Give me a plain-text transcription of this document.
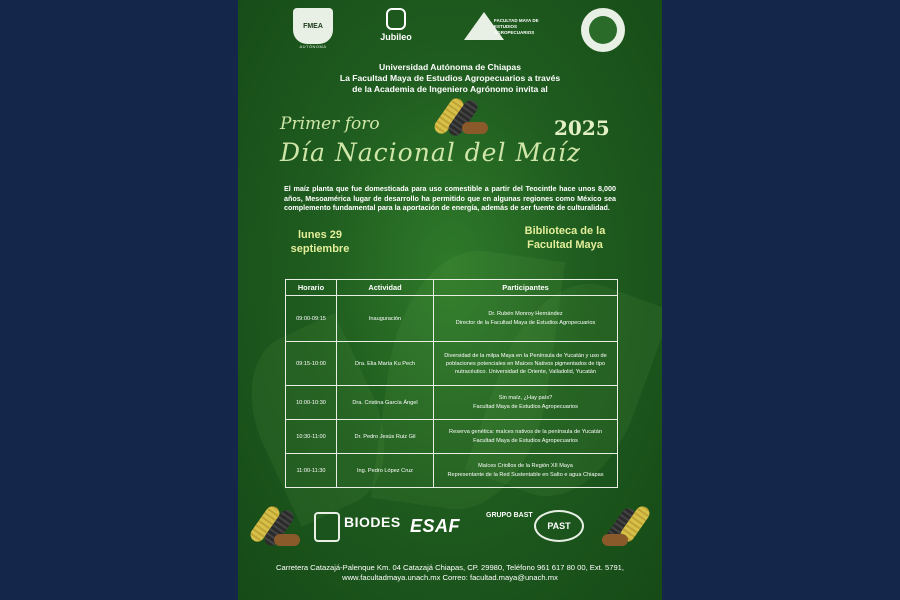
FMEA
AUTÓNOMA
Jubileo
FACULTAD MAYA DE ESTUDIOS AGROPECUARIOS
Universidad Autónoma de Chiapas
La Facultad Maya de Estudios Agropecuarios a través
de la Academia de Ingeniero Agrónomo invita al
Primer foro
Día Nacional del Maíz
2025
El maíz planta que fue domesticada para uso comestible a partir del Teocintle hace unos 8,000 años, Mesoamérica lugar de desarrollo ha permitido que en algunas regiones como México sea complemento fundamental para la aportación de energía, además de ser fuente de culturalidad.
lunes 29
septiembre
Biblioteca de la
Facultad Maya
Horario	Actividad	Participantes
09:00-09:15	Inauguración	Dr. Rubén Monroy Hernández
Director de la Facultad Maya de Estudios Agropecuarios

09:15-10:00	Dra. Elia María Ku Pech	Diversidad de la milpa Maya en la Península de Yucatán y uso de poblaciones potenciales en Maíces Nativos pigmentados de tipo nutracéutico. Universidad de Oriente, Valladolid, Yucatán

10:00-10:30	Dra. Cristina García Ángel	Sin maíz, ¿Hay país?
Facultad Maya de Estudios Agropecuarios

10:30-11:00	Dr. Pedro Jesús Ruiz Gil	Reserva genética: maíces nativos de la península de Yucatán
Facultad Maya de Estudios Agropecuarios

11:00-11:30	Ing. Pedro López Cruz	Maíces Criollos de la Región XII Maya
Representante de la Red Sustentable en Salto e agua Chiapas
BIODES ESAF
GRUPO BAST
PAST
Carretera Catazajá-Palenque Km. 04 Catazajá Chiapas, CP. 29980, Teléfono 961 617 80 00, Ext. 5791,
www.facultadmaya.unach.mx Correo: facultad.maya@unach.mx
